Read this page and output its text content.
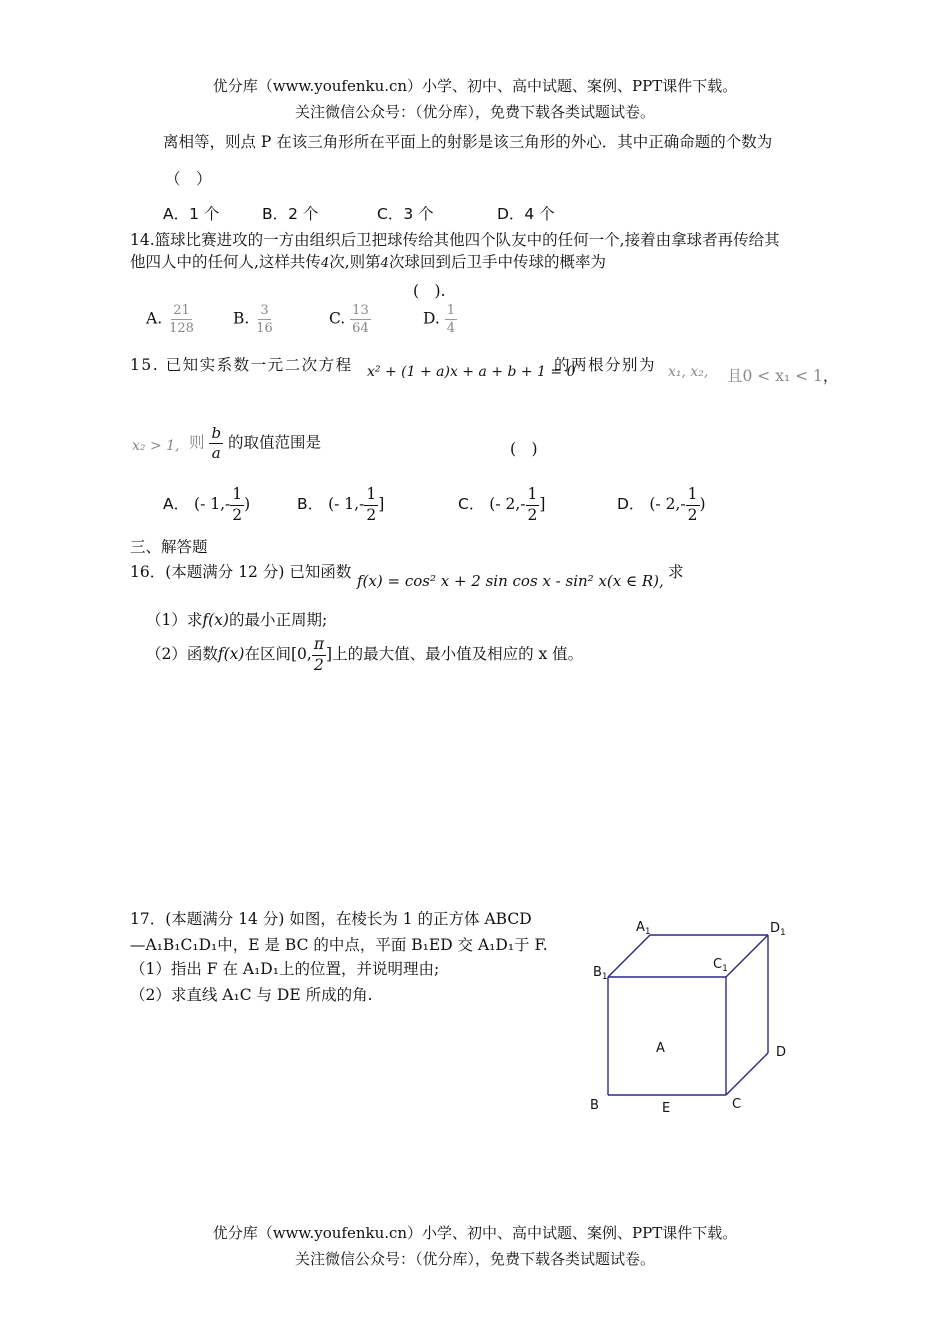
优分库（www.youfenku.cn）小学、初中、高中试题、案例、PPT课件下载。
关注微信公众号：（优分库），免费下载各类试题试卷。
离相等，则点 P 在该三角形所在平面上的射影是该三角形的外心．其中正确命题的个数为
（　）
A．1 个	B．2 个	C．3 个	D．4 个
14.篮球比赛进攻的一方由组织后卫把球传给其他四个队友中的任何一个,接着由拿球者再传给其
他四人中的任何人,这样共传4次,则第4次球回到后卫手中传球的概率为
(　).
A. $\frac{21}{128} B$. $\frac{3}{16}$	C. $\frac{13}{64}$	D. $\frac{1}{4}$
15. 已知实系数一元二次方程 x² + (1 + a)x + a + b + 1 = 0
的两根分别为 x₁, x₂, 且0 < x₁ < 1，
x₂ > 1, 则 $\frac{b}{a}$ 的取值范围是	(　)
A． (- $1,- \frac{1}{2}$ )	B． (- $1,- \frac{1}{2}$ ]	C． (- $2,- \frac{1}{2}$ ]	D． (- $2,- \frac{1}{2}$ )
三、解答题
16．(本题满分 12 分) 已知函数 f(x) = cos² x + 2 sin cos x - sin² x(x ∈ R), 求
（1）求f(x)的最小正周期;
（2）函数f(x)在区间[0, $\frac{\pi}{2}$ ]上的最大值、最小值及相应的 x 值。
17．(本题满分 14 分) 如图，在棱长为 1 的正方体 ABCD
—A₁B₁C₁D₁中，E 是 BC 的中点，平面 B₁ED 交 A₁D₁于 F.
（1）指出 F 在 A₁D₁上的位置，并说明理由;
（2）求直线 A₁C 与 DE 所成的角.
$A_1$	$D_1$
$C_1$
$B_1$
A	D
B	E	C
优分库（www.youfenku.cn）小学、初中、高中试题、案例、PPT课件下载。
关注微信公众号：（优分库），免费下载各类试题试卷。
